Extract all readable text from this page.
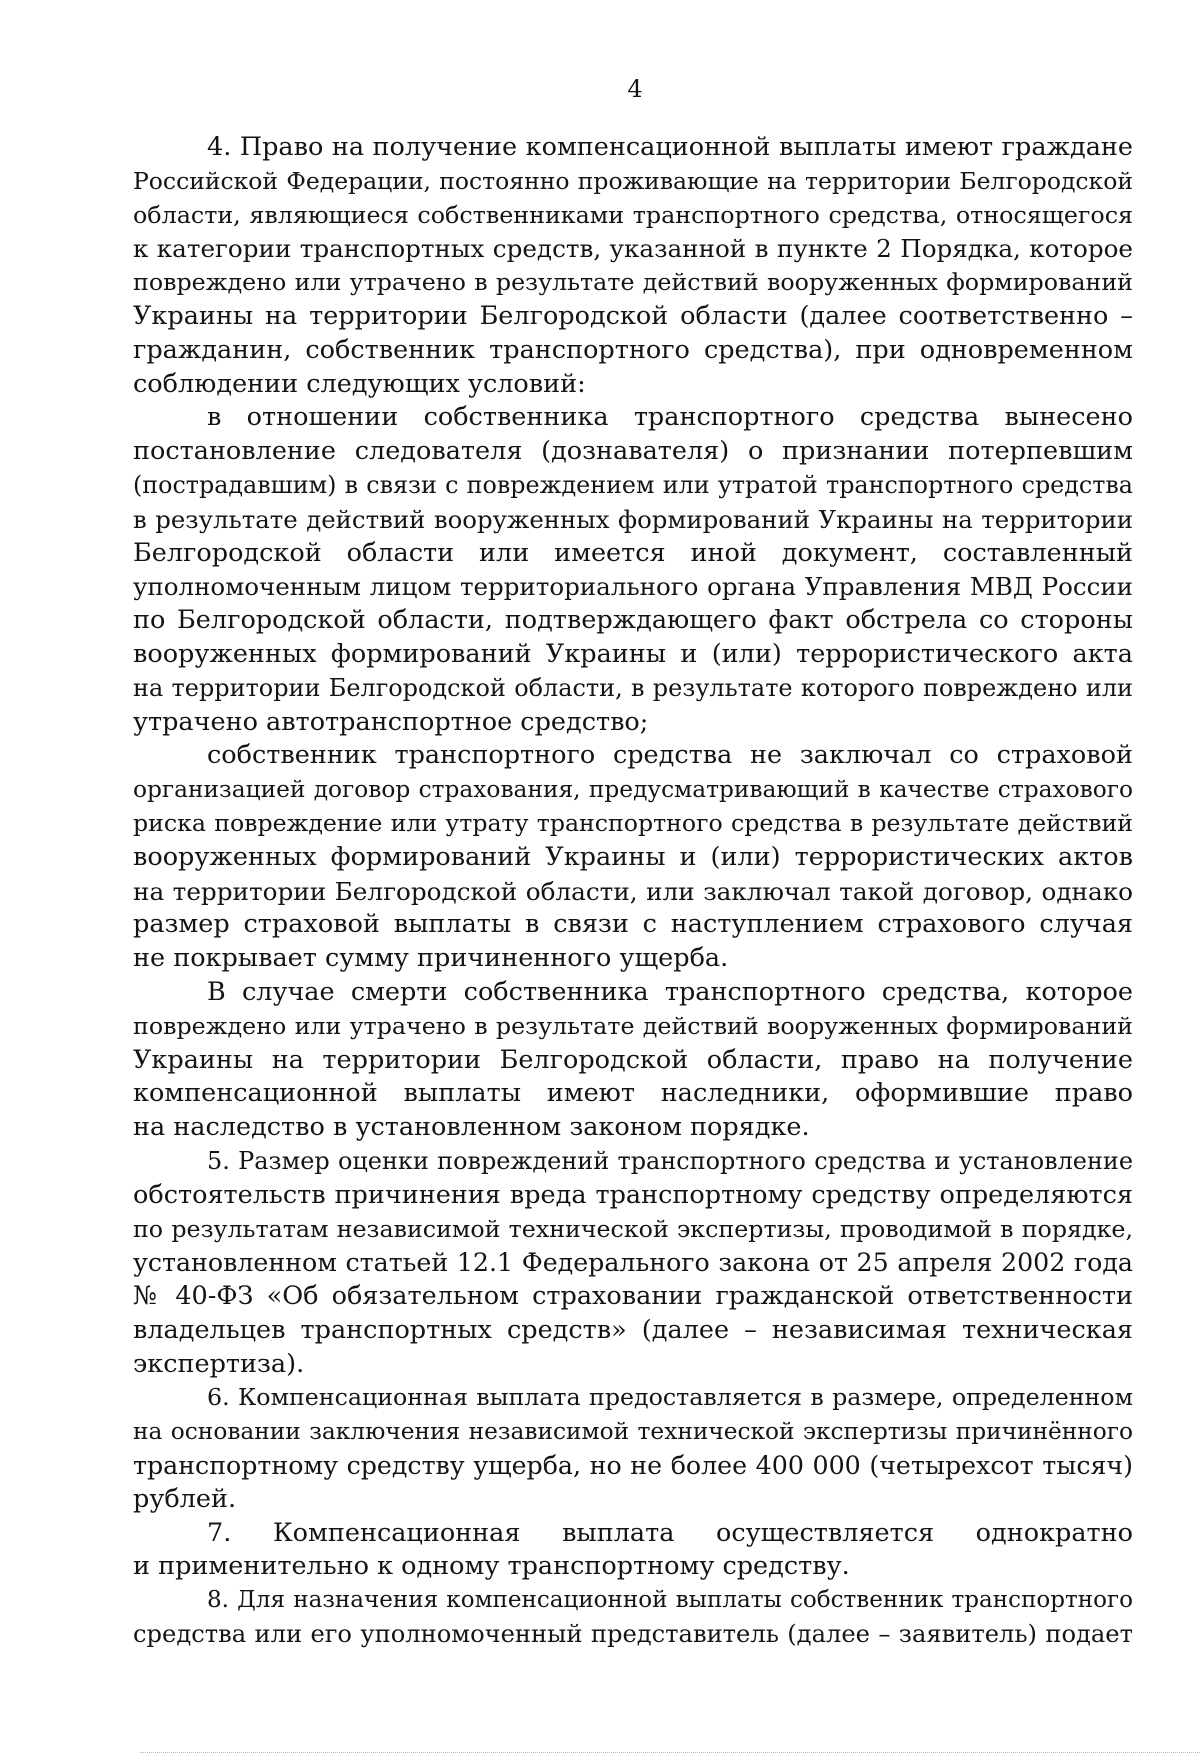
4
4. Право на получение компенсационной выплаты имеют граждане
Российской Федерации, постоянно проживающие на территории Белгородской
области, являющиеся собственниками транспортного средства, относящегося
к категории транспортных средств, указанной в пункте 2 Порядка, которое
повреждено или утрачено в результате действий вооруженных формирований
Украины на территории Белгородской области (далее соответственно –
гражданин, собственник транспортного средства), при одновременном
соблюдении следующих условий:
в отношении собственника транспортного средства вынесено
постановление следователя (дознавателя) о признании потерпевшим
(пострадавшим) в связи с повреждением или утратой транспортного средства
в результате действий вооруженных формирований Украины на территории
Белгородской области или имеется иной документ, составленный
уполномоченным лицом территориального органа Управления МВД России
по Белгородской области, подтверждающего факт обстрела со стороны
вооруженных формирований Украины и (или) террористического акта
на территории Белгородской области, в результате которого повреждено или
утрачено автотранспортное средство;
собственник транспортного средства не заключал со страховой
организацией договор страхования, предусматривающий в качестве страхового
риска повреждение или утрату транспортного средства в результате действий
вооруженных формирований Украины и (или) террористических актов
на территории Белгородской области, или заключал такой договор, однако
размер страховой выплаты в связи с наступлением страхового случая
не покрывает сумму причиненного ущерба.
В случае смерти собственника транспортного средства, которое
повреждено или утрачено в результате действий вооруженных формирований
Украины на территории Белгородской области, право на получение
компенсационной выплаты имеют наследники, оформившие право
на наследство в установленном законом порядке.
5. Размер оценки повреждений транспортного средства и установление
обстоятельств причинения вреда транспортному средству определяются
по результатам независимой технической экспертизы, проводимой в порядке,
установленном статьей 12.1 Федерального закона от 25 апреля 2002 года
№ 40-ФЗ «Об обязательном страховании гражданской ответственности
владельцев транспортных средств» (далее – независимая техническая
экспертиза).
6. Компенсационная выплата предоставляется в размере, определенном
на основании заключения независимой технической экспертизы причинённого
транспортному средству ущерба, но не более 400 000 (четырехсот тысяч)
рублей.
7. Компенсационная выплата осуществляется однократно
и применительно к одному транспортному средству.
8. Для назначения компенсационной выплаты собственник транспортного
средства или его уполномоченный представитель (далее – заявитель) подает
